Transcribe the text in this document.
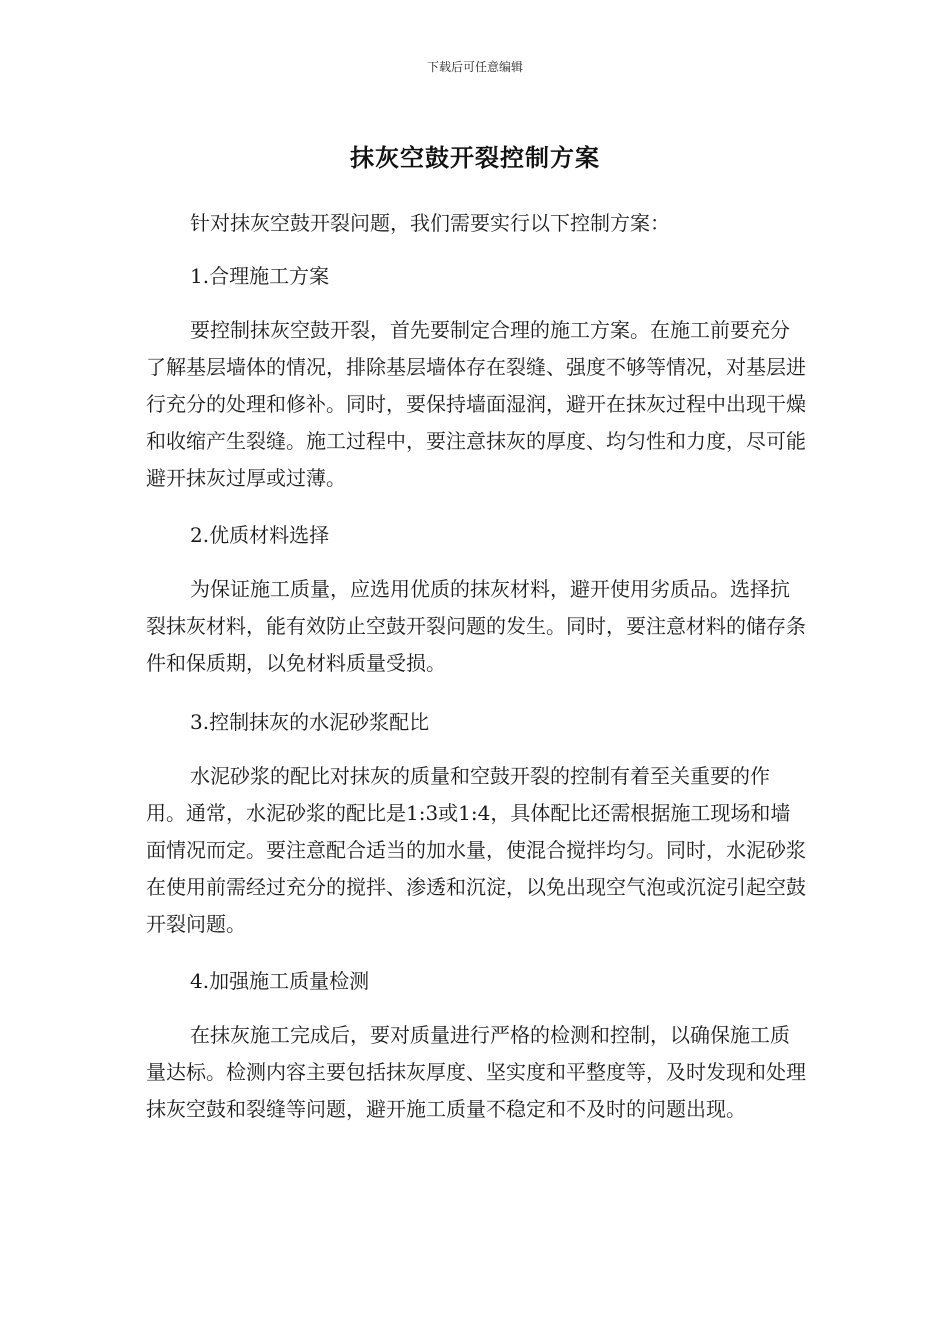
下载后可任意编辑
抹灰空鼓开裂控制方案

针对抹灰空鼓开裂问题，我们需要实行以下控制方案：

1.合理施工方案

要控制抹灰空鼓开裂，首先要制定合理的施工方案。在施工前要充分了解基层墙体的情况，排除基层墙体存在裂缝、强度不够等情况，对基层进行充分的处理和修补。同时，要保持墙面湿润，避开在抹灰过程中出现干燥和收缩产生裂缝。施工过程中，要注意抹灰的厚度、均匀性和力度，尽可能避开抹灰过厚或过薄。

2.优质材料选择

为保证施工质量，应选用优质的抹灰材料，避开使用劣质品。选择抗裂抹灰材料，能有效防止空鼓开裂问题的发生。同时，要注意材料的储存条件和保质期，以免材料质量受损。

3.控制抹灰的水泥砂浆配比

水泥砂浆的配比对抹灰的质量和空鼓开裂的控制有着至关重要的作用。通常，水泥砂浆的配比是1:3或1:4，具体配比还需根据施工现场和墙面情况而定。要注意配合适当的加水量，使混合搅拌均匀。同时，水泥砂浆在使用前需经过充分的搅拌、渗透和沉淀，以免出现空气泡或沉淀引起空鼓开裂问题。

4.加强施工质量检测

在抹灰施工完成后，要对质量进行严格的检测和控制，以确保施工质量达标。检测内容主要包括抹灰厚度、坚实度和平整度等，及时发现和处理抹灰空鼓和裂缝等问题，避开施工质量不稳定和不及时的问题出现。
